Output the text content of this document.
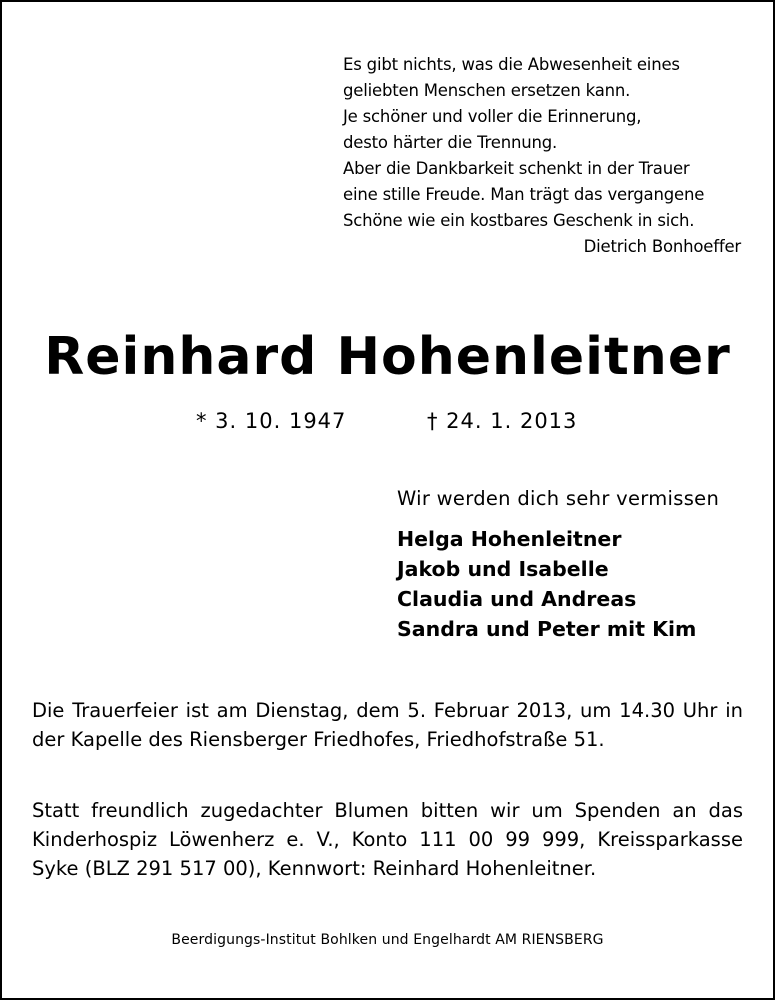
Es gibt nichts, was die Abwesenheit eines
geliebten Menschen ersetzen kann.
Je schöner und voller die Erinnerung,
desto härter die Trennung.
Aber die Dankbarkeit schenkt in der Trauer
eine stille Freude. Man trägt das vergangene
Schöne wie ein kostbares Geschenk in sich.
Dietrich Bonhoeffer
Reinhard Hohenleitner
* 3. 10. 1947	† 24. 1. 2013
Wir werden dich sehr vermissen
Helga Hohenleitner
Jakob und Isabelle
Claudia und Andreas
Sandra und Peter mit Kim
Die Trauerfeier ist am Dienstag, dem 5. Februar 2013, um 14.30 Uhr in der Kapelle des Riensberger Friedhofes, Friedhofstraße 51.
Statt freundlich zugedachter Blumen bitten wir um Spenden an das Kinderhospiz Löwenherz e. V., Konto 111 00 99 999, Kreissparkasse Syke (BLZ 291 517 00), Kennwort: Reinhard Hohenleitner.
Beerdigungs-Institut Bohlken und Engelhardt AM RIENSBERG
